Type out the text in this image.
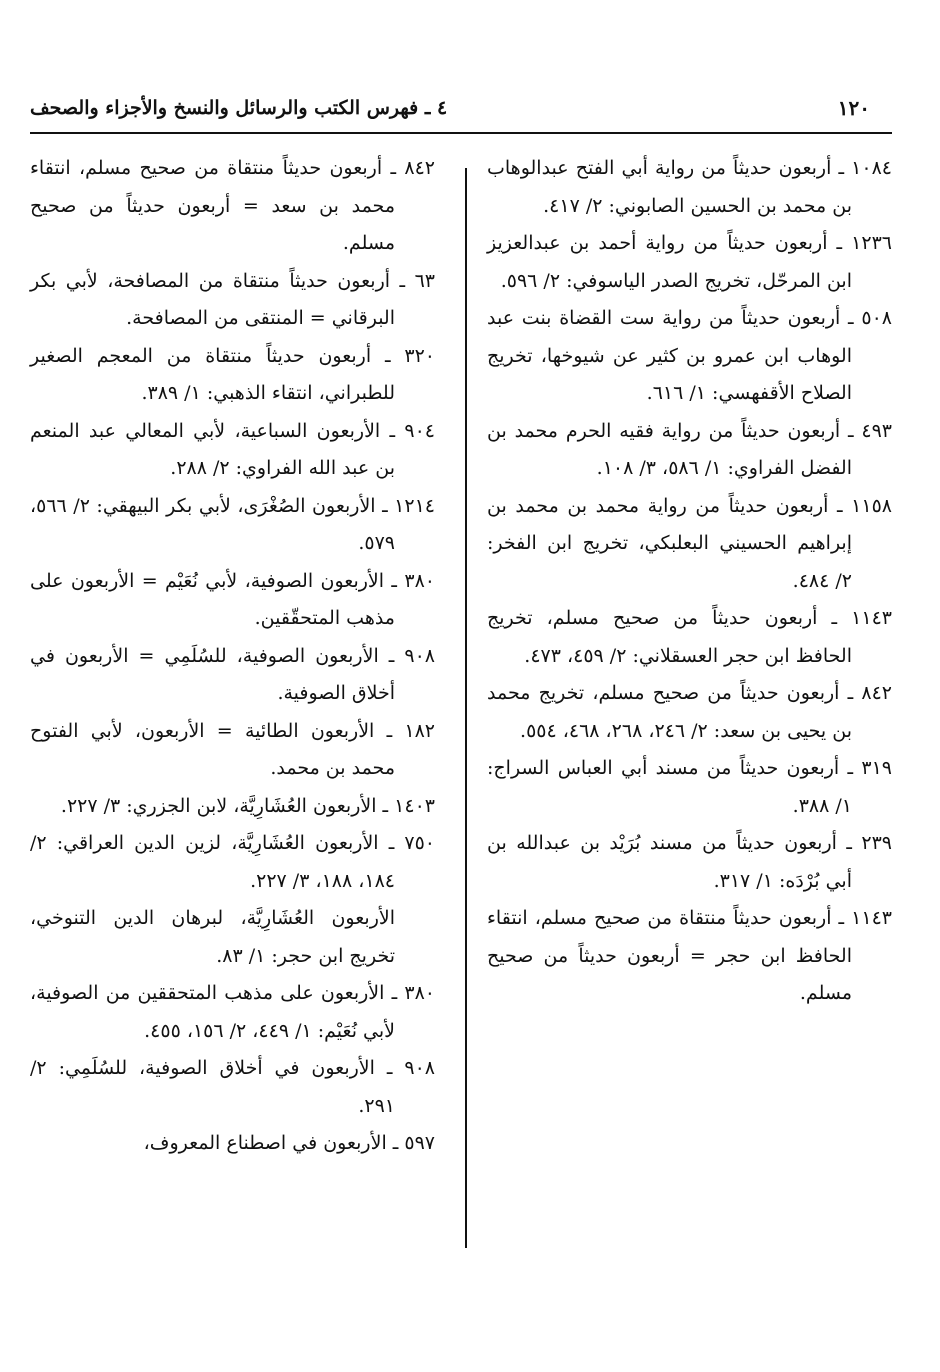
١٢٠
٤ ـ فهرس الكتب والرسائل والنسخ والأجزاء والصحف

١٠٨٤ ـ أربعون حديثاً من رواية أبي الفتح عبدالوهاب بن محمد بن الحسين الصابوني: ٢/ ٤١٧.

١٢٣٦ ـ أربعون حديثاً من رواية أحمد بن عبدالعزيز ابن المرحّل، تخريج الصدر الياسوفي: ٢/ ٥٩٦.

٥٠٨ ـ أربعون حديثاً من رواية ست القضاة بنت عبد الوهاب ابن عمرو بن كثير عن شيوخها، تخريج الصلاح الأقفهسي: ١/ ٦١٦.

٤٩٣ ـ أربعون حديثاً من رواية فقيه الحرم محمد بن الفضل الفراوي: ١/ ٥٨٦، ٣/ ١٠٨.

١١٥٨ ـ أربعون حديثاً من رواية محمد بن محمد بن إبراهيم الحسيني البعلبكي، تخريج ابن الفخر: ٢/ ٤٨٤.

١١٤٣ ـ أربعون حديثاً من صحيح مسلم، تخريج الحافظ ابن حجر العسقلاني: ٢/ ٤٥٩، ٤٧٣.

٨٤٢ ـ أربعون حديثاً من صحيح مسلم، تخريج محمد بن يحيى بن سعد: ٢/ ٢٤٦، ٢٦٨، ٤٦٨، ٥٥٤.

٣١٩ ـ أربعون حديثاً من مسند أبي العباس السراج: ١/ ٣٨٨.

٢٣٩ ـ أربعون حديثاً من مسند بُرَيْد بن عبدالله بن أبي بُرْدَه: ١/ ٣١٧.

١١٤٣ ـ أربعون حديثاً منتقاة من صحيح مسلم، انتقاء الحافظ ابن حجر = أربعون حديثاً من صحيح مسلم.

٨٤٢ ـ أربعون حديثاً منتقاة من صحيح مسلم، انتقاء محمد بن سعد = أربعون حديثاً من صحيح مسلم.

٦٣ ـ أربعون حديثاً منتقاة من المصافحة، لأبي بكر البرقاني = المنتقى من المصافحة.

٣٢٠ ـ أربعون حديثاً منتقاة من المعجم الصغير للطبراني، انتقاء الذهبي: ١/ ٣٨٩.

٩٠٤ ـ الأربعون السباعية، لأبي المعالي عبد المنعم بن عبد الله الفراوي: ٢/ ٢٨٨.

١٢١٤ ـ الأربعون الصُغْرَى، لأبي بكر البيهقي: ٢/ ٥٦٦، ٥٧٩.

٣٨٠ ـ الأربعون الصوفية، لأبي نُعَيْم = الأربعون على مذهب المتحقّقين.

٩٠٨ ـ الأربعون الصوفية، للسُلَمِي = الأربعون في أخلاق الصوفية.

١٨٢ ـ الأربعون الطائية = الأربعون، لأبي الفتوح محمد بن محمد.

١٤٠٣ ـ الأربعون العُشَارِيَّة، لابن الجزري: ٣/ ٢٢٧.

٧٥٠ ـ الأربعون العُشَارِيَّة، لزين الدين العراقي: ٢/ ١٨٤، ١٨٨، ٣/ ٢٢٧.

الأربعون العُشَارِيَّة، لبرهان الدين التنوخي، تخريج ابن حجر: ١/ ٨٣.

٣٨٠ ـ الأربعون على مذهب المتحققين من الصوفية، لأبي نُعَيْم: ١/ ٤٤٩، ٢/ ١٥٦، ٤٥٥.

٩٠٨ ـ الأربعون في أخلاق الصوفية، للسُلَمِي: ٢/ ٢٩١.

٥٩٧ ـ الأربعون في اصطناع المعروف،
